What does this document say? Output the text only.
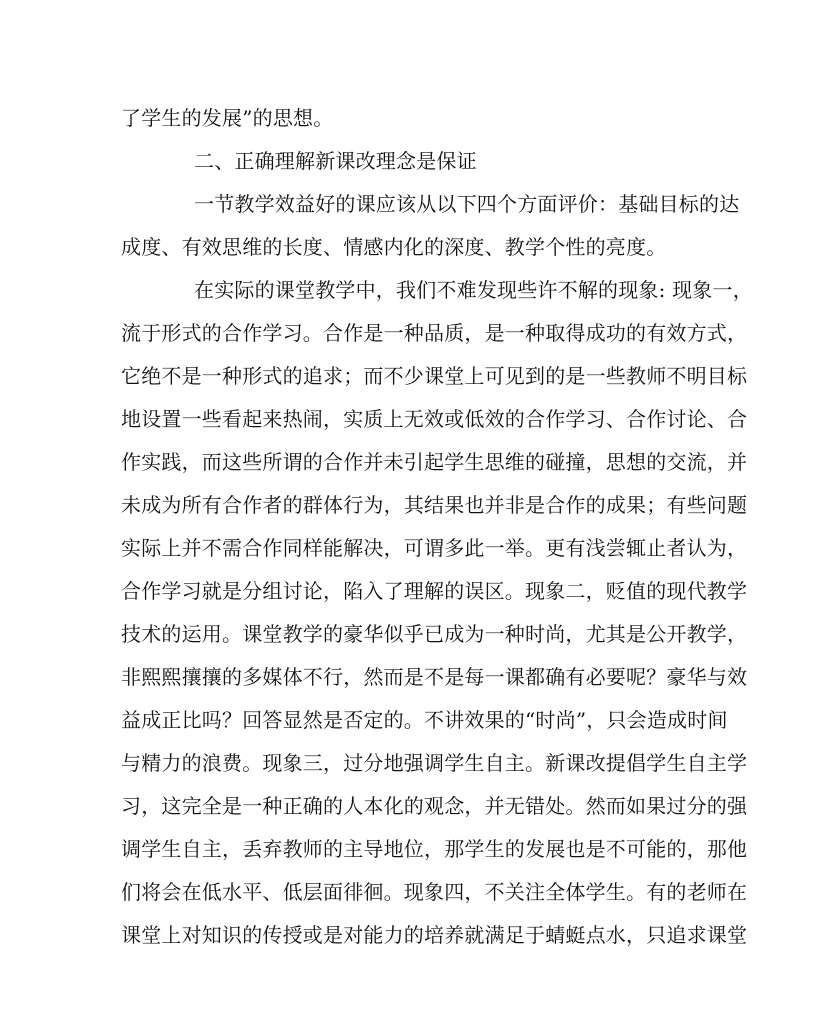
了学生的发展”的思想。
二、正确理解新课改理念是保证
一节教学效益好的课应该从以下四个方面评价：基础目标的达
成度、有效思维的长度、情感内化的深度、教学个性的亮度。
在实际的课堂教学中，我们不难发现些许不解的现象: 现象一，
流于形式的合作学习。合作是一种品质，是一种取得成功的有效方式，
它绝不是一种形式的追求；而不少课堂上可见到的是一些教师不明目标
地设置一些看起来热闹，实质上无效或低效的合作学习、合作讨论、合
作实践，而这些所谓的合作并未引起学生思维的碰撞，思想的交流，并
未成为所有合作者的群体行为，其结果也并非是合作的成果；有些问题
实际上并不需合作同样能解决，可谓多此一举。更有浅尝辄止者认为，
合作学习就是分组讨论，陷入了理解的误区。现象二，贬值的现代教学
技术的运用。课堂教学的豪华似乎已成为一种时尚，尤其是公开教学，
非熙熙攘攘的多媒体不行，然而是不是每一课都确有必要呢？豪华与效
益成正比吗？回答显然是否定的。不讲效果的“时尚”，只会造成时间
与精力的浪费。现象三，过分地强调学生自主。新课改提倡学生自主学
习，这完全是一种正确的人本化的观念，并无错处。然而如果过分的强
调学生自主，丢弃教师的主导地位，那学生的发展也是不可能的，那他
们将会在低水平、低层面徘徊。现象四，不关注全体学生。有的老师在
课堂上对知识的传授或是对能力的培养就满足于蜻蜓点水，只追求课堂
